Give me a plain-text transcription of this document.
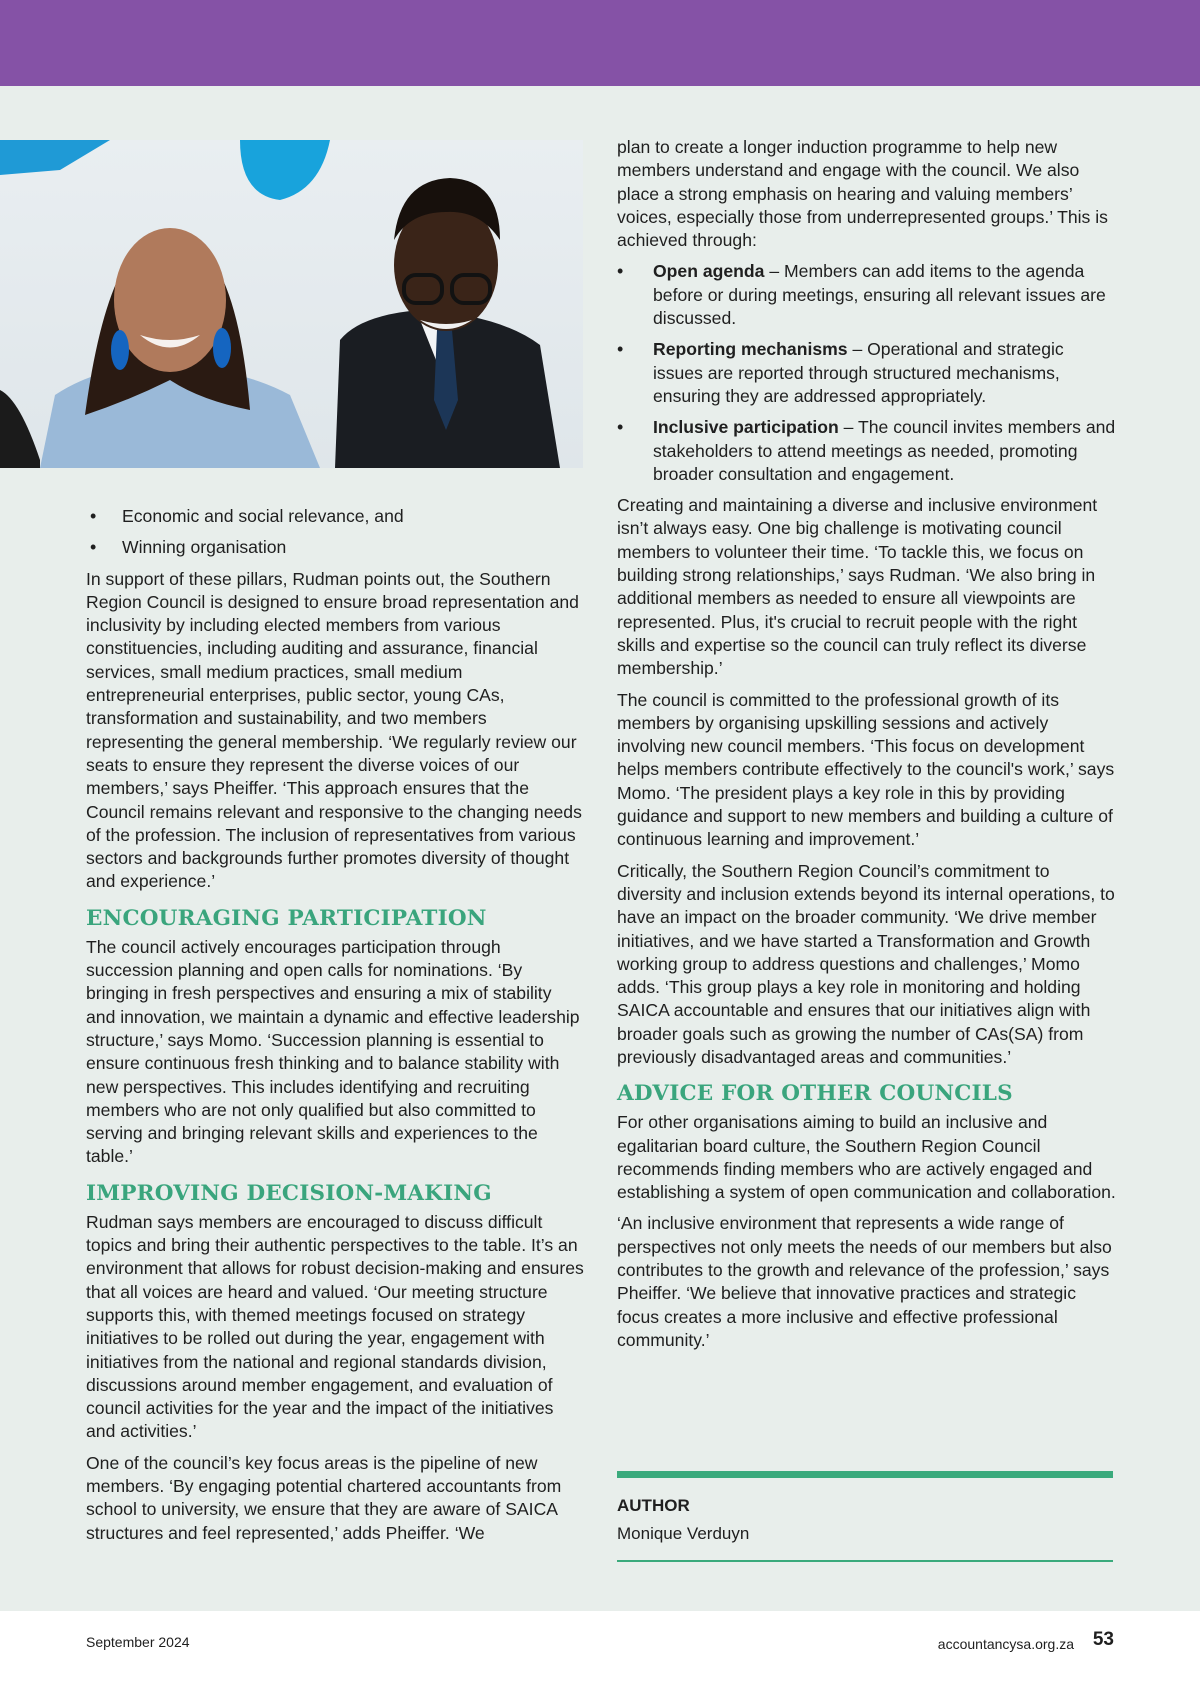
• Economic and social relevance, and
• Winning organisation

In support of these pillars, Rudman points out, the Southern Region Council is designed to ensure broad representation and inclusivity by including elected members from various constituencies, including auditing and assurance, financial services, small medium practices, small medium entrepreneurial enterprises, public sector, young CAs, transformation and sustainability, and two members representing the general membership. ‘We regularly review our seats to ensure they represent the diverse voices of our members,’ says Pheiffer. ‘This approach ensures that the Council remains relevant and responsive to the changing needs of the profession. The inclusion of representatives from various sectors and backgrounds further promotes diversity of thought and experience.’

ENCOURAGING PARTICIPATION

The council actively encourages participation through succession planning and open calls for nominations. ‘By bringing in fresh perspectives and ensuring a mix of stability and innovation, we maintain a dynamic and effective leadership structure,’ says Momo. ‘Succession planning is essential to ensure continuous fresh thinking and to balance stability with new perspectives. This includes identifying and recruiting members who are not only qualified but also committed to serving and bringing relevant skills and experiences to the table.’

IMPROVING DECISION-MAKING

Rudman says members are encouraged to discuss difficult topics and bring their authentic perspectives to the table. It’s an environment that allows for robust decision-making and ensures that all voices are heard and valued. ‘Our meeting structure supports this, with themed meetings focused on strategy initiatives to be rolled out during the year, engagement with initiatives from the national and regional standards division, discussions around member engagement, and evaluation of council activities for the year and the impact of the initiatives and activities.’

One of the council’s key focus areas is the pipeline of new members. ‘By engaging potential chartered accountants from school to university, we ensure that they are aware of SAICA structures and feel represented,’ adds Pheiffer. ‘We

plan to create a longer induction programme to help new members understand and engage with the council. We also place a strong emphasis on hearing and valuing members’ voices, especially those from underrepresented groups.’ This is achieved through:

• Open agenda – Members can add items to the agenda before or during meetings, ensuring all relevant issues are discussed.
• Reporting mechanisms – Operational and strategic issues are reported through structured mechanisms, ensuring they are addressed appropriately.
• Inclusive participation – The council invites members and stakeholders to attend meetings as needed, promoting broader consultation and engagement.

Creating and maintaining a diverse and inclusive environment isn’t always easy. One big challenge is motivating council members to volunteer their time. ‘To tackle this, we focus on building strong relationships,’ says Rudman. ‘We also bring in additional members as needed to ensure all viewpoints are represented. Plus, it's crucial to recruit people with the right skills and expertise so the council can truly reflect its diverse membership.’

The council is committed to the professional growth of its members by organising upskilling sessions and actively involving new council members. ‘This focus on development helps members contribute effectively to the council's work,’ says Momo. ‘The president plays a key role in this by providing guidance and support to new members and building a culture of continuous learning and improvement.’

Critically, the Southern Region Council’s commitment to diversity and inclusion extends beyond its internal operations, to have an impact on the broader community. ‘We drive member initiatives, and we have started a Transformation and Growth working group to address questions and challenges,’ Momo adds. ‘This group plays a key role in monitoring and holding SAICA accountable and ensures that our initiatives align with broader goals such as growing the number of CAs(SA) from previously disadvantaged areas and communities.’

ADVICE FOR OTHER COUNCILS

For other organisations aiming to build an inclusive and egalitarian board culture, the Southern Region Council recommends finding members who are actively engaged and establishing a system of open communication and collaboration.

‘An inclusive environment that represents a wide range of perspectives not only meets the needs of our members but also contributes to the growth and relevance of the profession,’ says Pheiffer. ‘We believe that innovative practices and strategic focus creates a more inclusive and effective professional community.’

AUTHOR
Monique Verduyn
September 2024	accountancysa.org.za 53
